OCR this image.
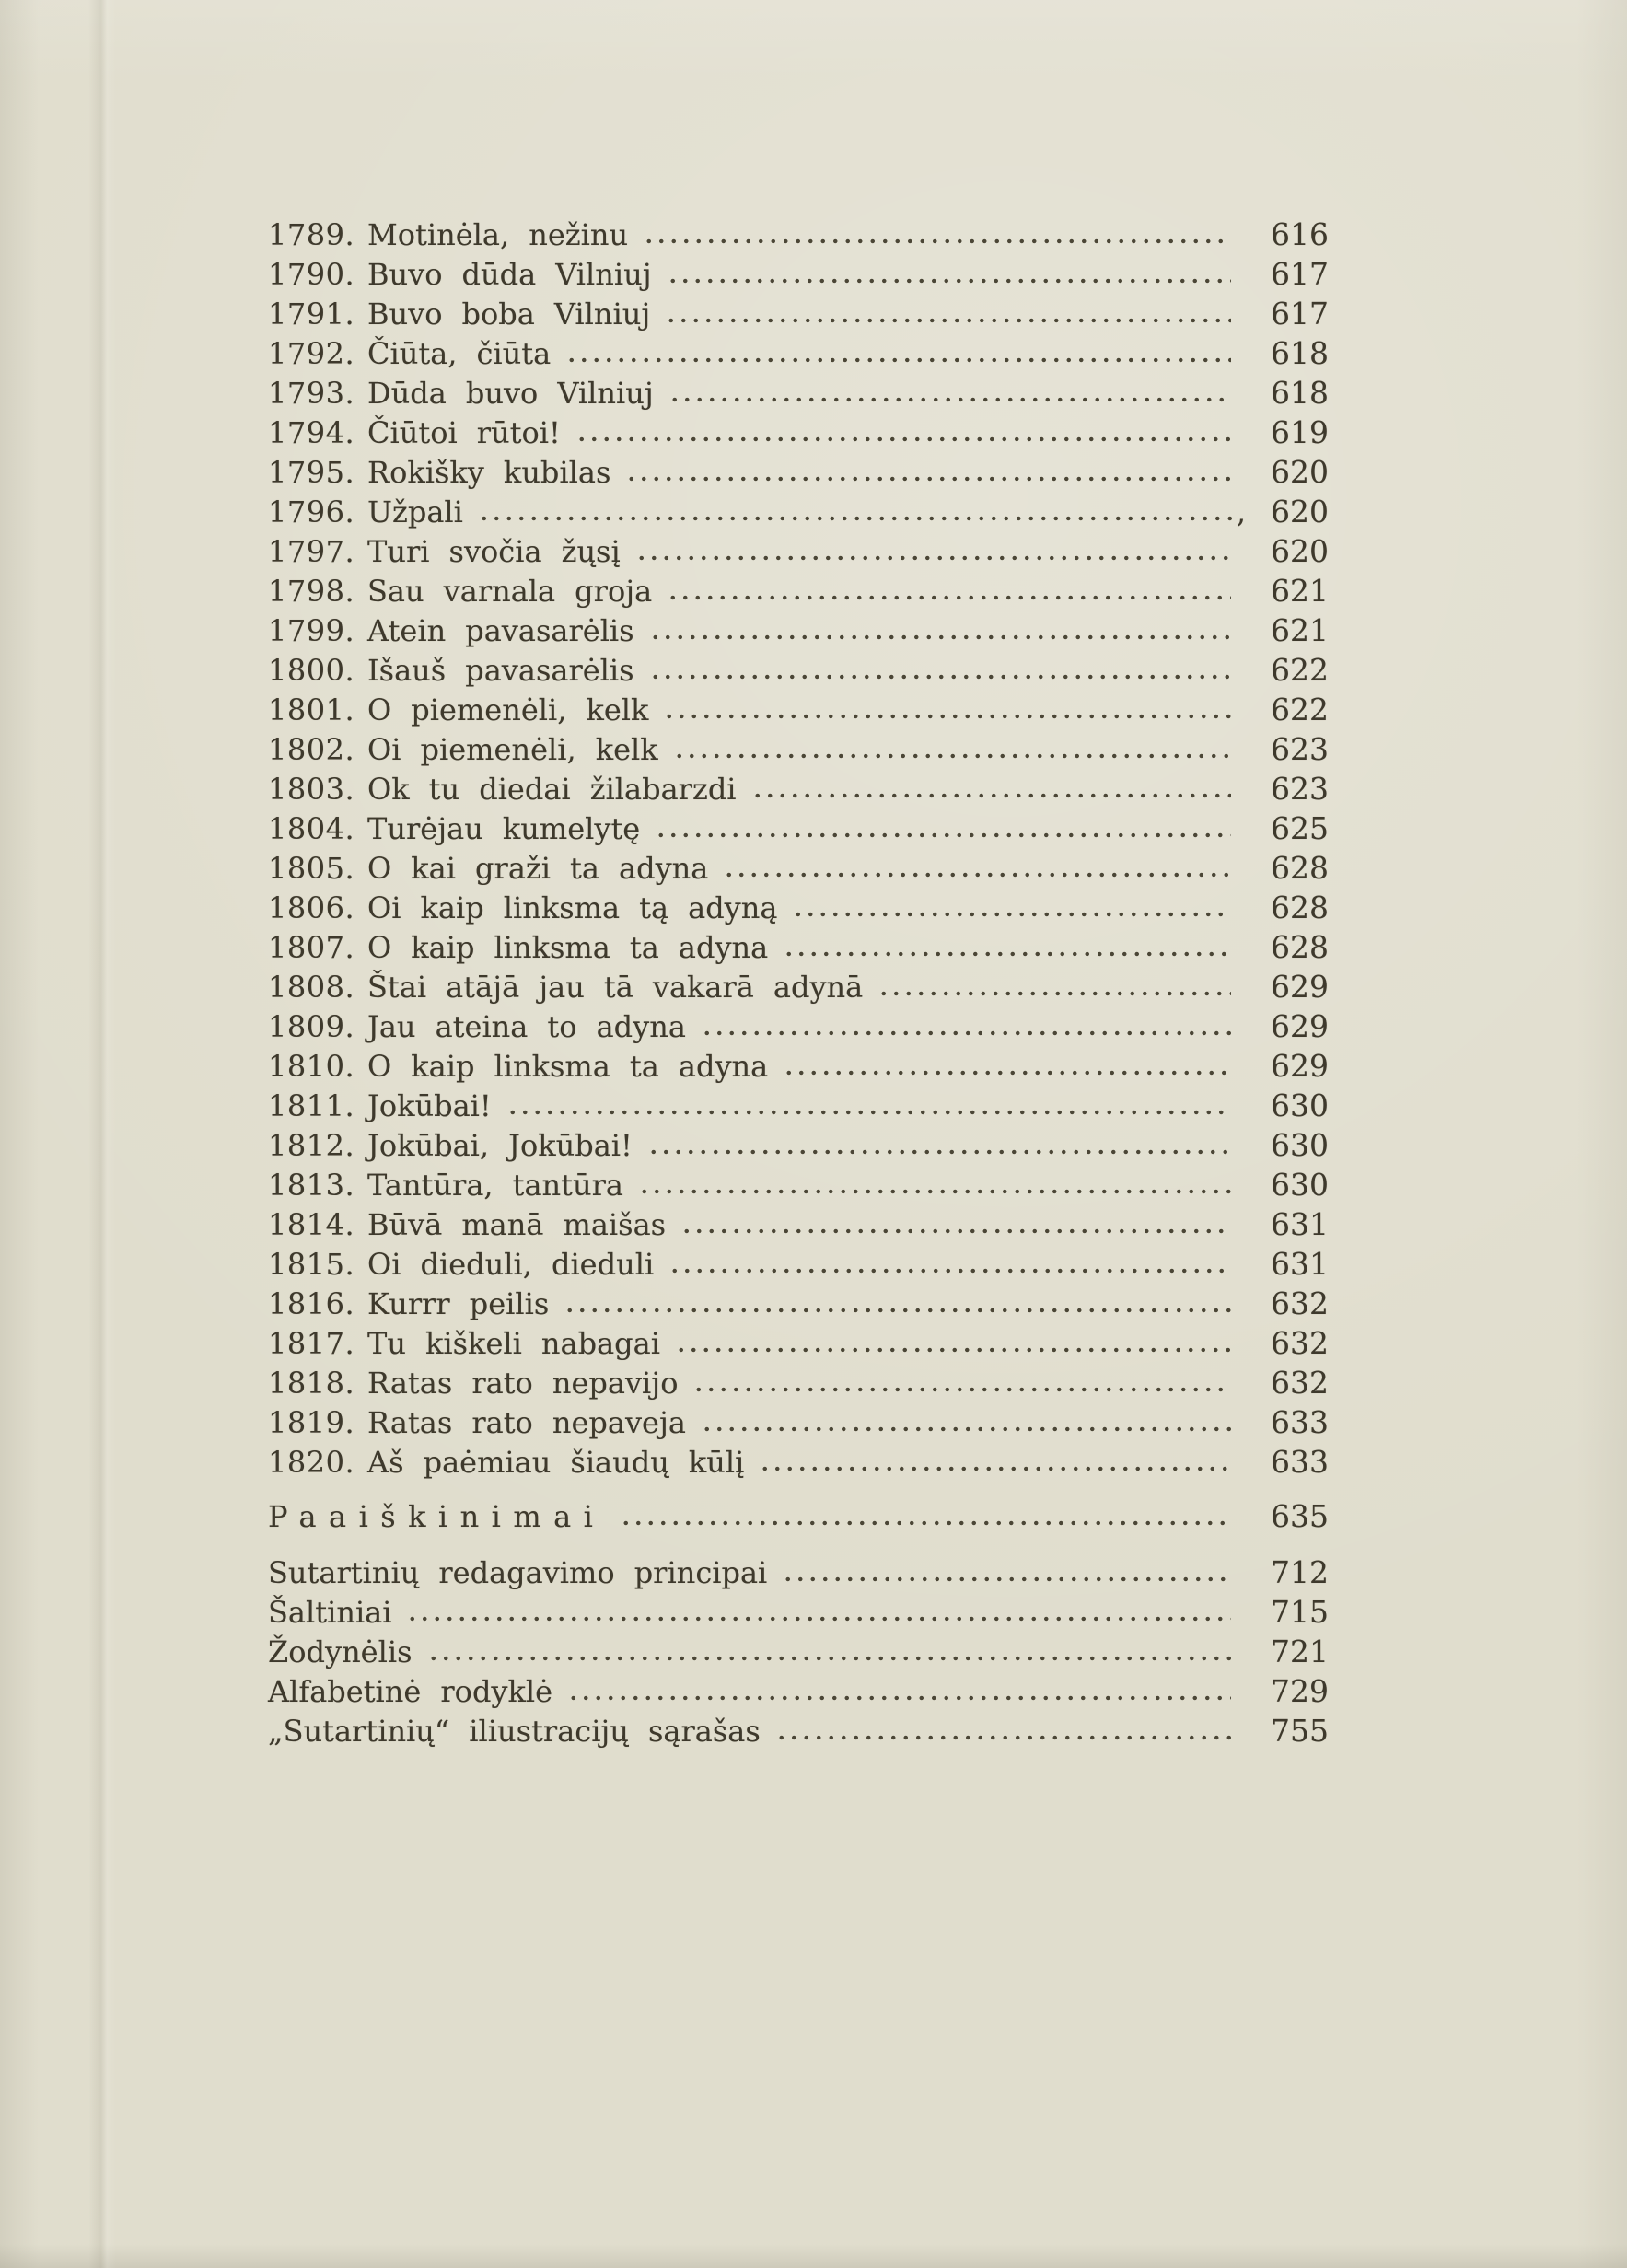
1789. Motinėla, nežinu	616
1790. Buvo dūda Vilniuj	617
1791. Buvo boba Vilniuj	617
1792. Čiūta, čiūta	618
1793. Dūda buvo Vilniuj	618
1794. Čiūtoi rūtoi!	619
1795. Rokišky kubilas	620
1796. Užpali	, 620
1797. Turi svočia žųsį	620
1798. Sau varnala groja	621
1799. Atein pavasarėlis	621
1800. Išauš pavasarėlis	622
1801. O piemenėli, kelk	622
1802. Oi piemenėli, kelk	623
1803. Ok tu diedai žilabarzdi	623
1804. Turėjau kumelytę	625
1805. O kai graži ta adyna	628
1806. Oi kaip linksma tą adyną	628
1807. O kaip linksma ta adyna	628
1808. Štai atājā jau tā vakarā adynā	629
1809. Jau ateina to adyna	629
1810. O kaip linksma ta adyna	629
1811. Jokūbai!	630
1812. Jokūbai, Jokūbai!	630
1813. Tantūra, tantūra	630
1814. Būvā manā maišas	631
1815. Oi dieduli, dieduli	631
1816. Kurrr peilis	632
1817. Tu kiškeli nabagai	632
1818. Ratas rato nepavijo	632
1819. Ratas rato nepaveja	633
1820. Aš paėmiau šiaudų kūlį	633
Paaiškinimai	635
Sutartinių redagavimo principai	712
Šaltiniai	715
Žodynėlis	721
Alfabetinė rodyklė	729
„Sutartinių“ iliustracijų sąrašas	755
